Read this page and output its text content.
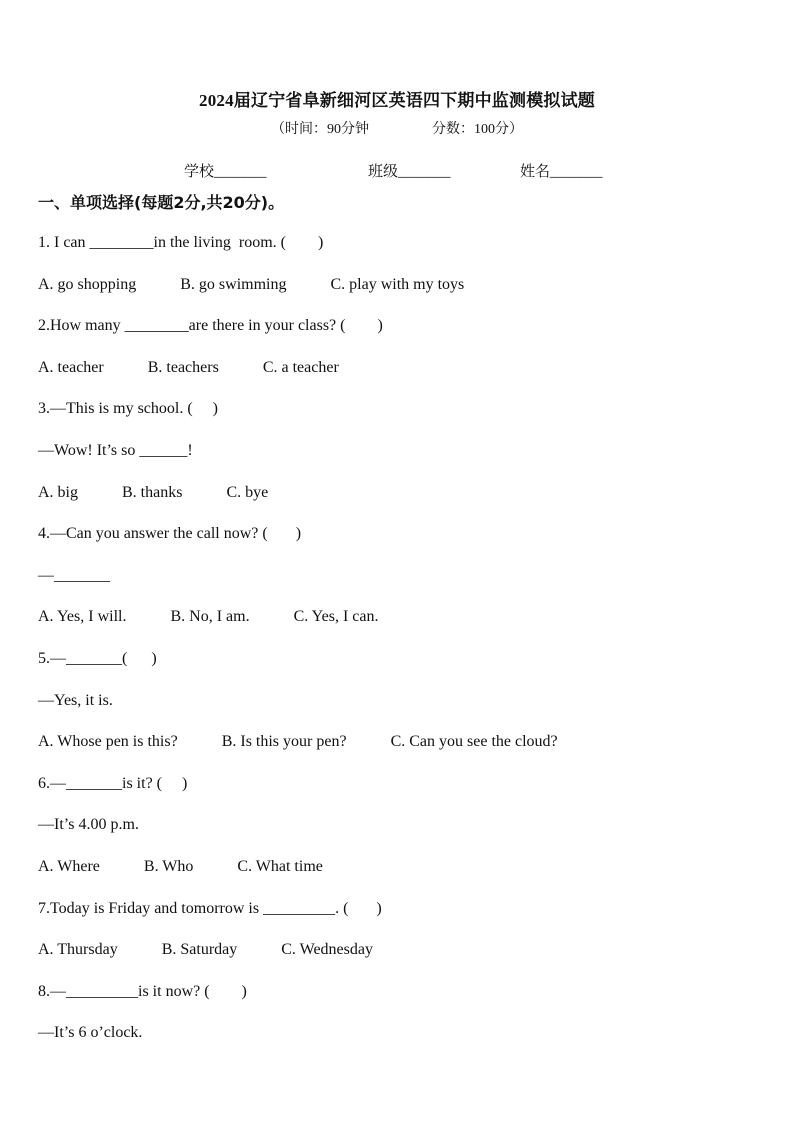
2024届辽宁省阜新细河区英语四下期中监测模拟试题
（时间：90分钟                  分数：100分）
学校_______	班级_______	姓名_______
一、单项选择(每题2分,共20分)。
1. I can ________in the living  room. (        )
A. go shopping	B. go swimming	C. play with my toys
2.How many ________are there in your class? (        )
A. teacher	B. teachers	C. a teacher
3.—This is my school. (     )
—Wow! It’s so ______!
A. big	B. thanks	C. bye
4.—Can you answer the call now? (       )
—_______
A. Yes, I will.	B. No, I am.	C. Yes, I can.
5.—_______(      )
—Yes, it is.
A. Whose pen is this?	B. Is this your pen?	C. Can you see the cloud?
6.—_______is it? (     )
—It’s 4.00 p.m.
A. Where	B. Who	C. What time
7.Today is Friday and tomorrow is _________. (       )
A. Thursday	B. Saturday	C. Wednesday
8.—_________is it now? (        )
—It’s 6 o’clock.
